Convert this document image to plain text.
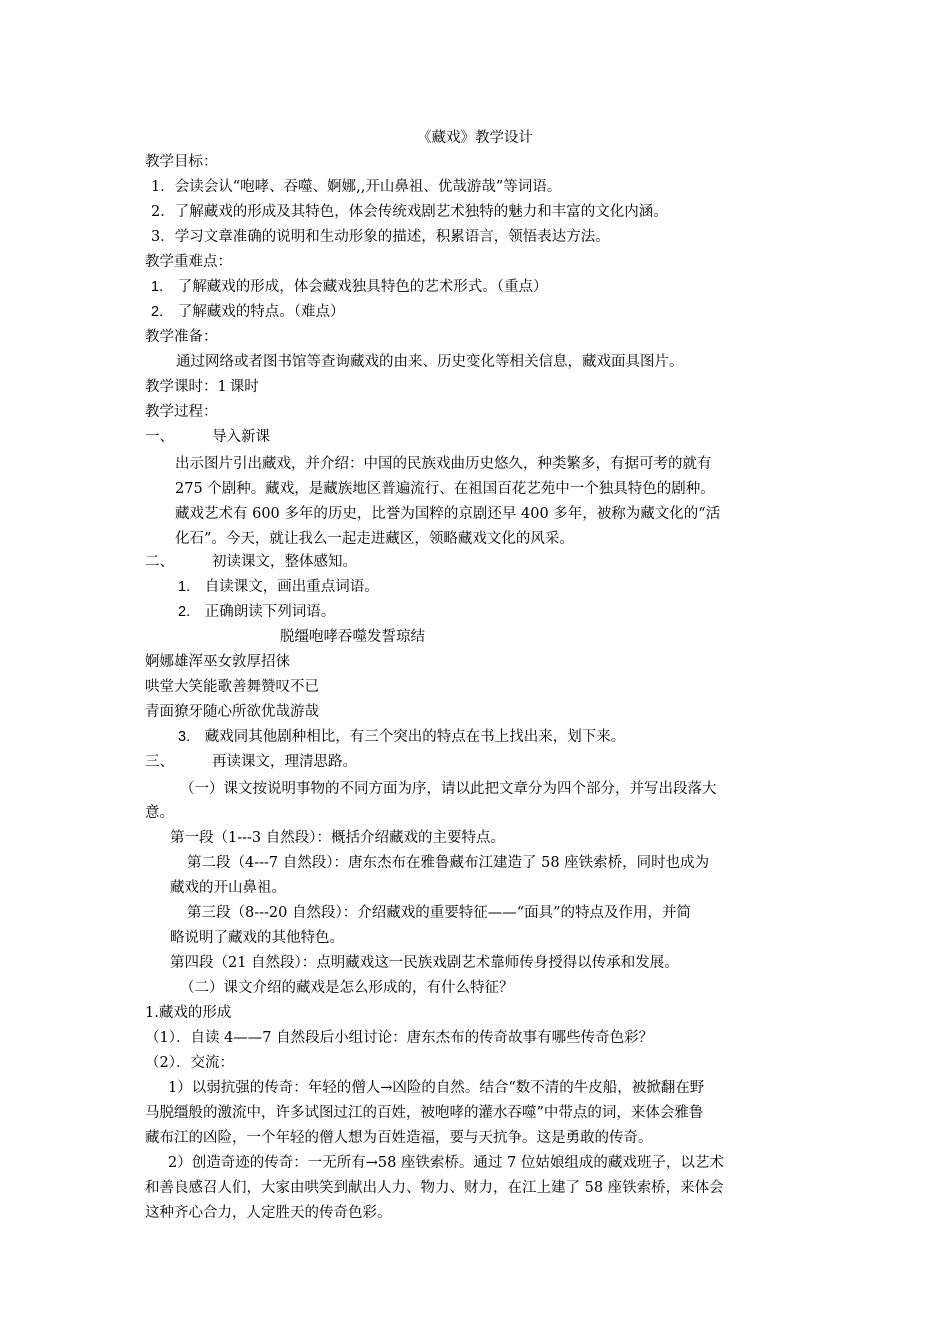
《藏戏》教学设计
教学目标：
1．会读会认“咆哮、吞噬、婀娜,,开山鼻祖、优哉游哉”等词语。
2．了解藏戏的形成及其特色，体会传统戏剧艺术独特的魅力和丰富的文化内涵。
3．学习文章准确的说明和生动形象的描述，积累语言，领悟表达方法。
教学重难点：
1. 了解藏戏的形成，体会藏戏独具特色的艺术形式。（重点）
2. 了解藏戏的特点。（难点）
教学准备：
通过网络或者图书馆等查询藏戏的由来、历史变化等相关信息，藏戏面具图片。
教学课时：1 课时
教学过程：
一、	导入新课
出示图片引出藏戏，并介绍：中国的民族戏曲历史悠久，种类繁多，有据可考的就有
275 个剧种。藏戏，是藏族地区普遍流行、在祖国百花艺苑中一个独具特色的剧种。
藏戏艺术有 600 多年的历史，比誉为国粹的京剧还早 400 多年，被称为藏文化的“活
化石”。今天，就让我么一起走进藏区，领略藏戏文化的风采。
二、	初读课文，整体感知。
1. 自读课文，画出重点词语。
2. 正确朗读下列词语。
脱缰咆哮吞噬发誓琼结
婀娜雄浑巫女敦厚招徕
哄堂大笑能歌善舞赞叹不已
青面獠牙随心所欲优哉游哉
3. 藏戏同其他剧种相比，有三个突出的特点在书上找出来，划下来。
三、	再读课文，理清思路。
（一）课文按说明事物的不同方面为序，请以此把文章分为四个部分，并写出段落大
意。
第一段（1---3 自然段）：概括介绍藏戏的主要特点。
第二段（4---7 自然段）：唐东杰布在雅鲁藏布江建造了 58 座铁索桥，同时也成为
藏戏的开山鼻祖。
第三段（8---20 自然段）：介绍藏戏的重要特征——“面具”的特点及作用，并简
略说明了藏戏的其他特色。
第四段（21 自然段）：点明藏戏这一民族戏剧艺术靠师传身授得以传承和发展。
（二）课文介绍的藏戏是怎么形成的，有什么特征？
1.藏戏的形成
（1）．自读 4——7 自然段后小组讨论：唐东杰布的传奇故事有哪些传奇色彩？
（2）．交流：
1）以弱抗强的传奇：年轻的僧人→凶险的自然。结合“数不清的牛皮船，被掀翻在野
马脱缰般的激流中，许多试图过江的百姓，被咆哮的灌水吞噬”中带点的词，来体会雅鲁
藏布江的凶险，一个年轻的僧人想为百姓造福，要与天抗争。这是勇敢的传奇。
2）创造奇迹的传奇：一无所有→58 座铁索桥。通过 7 位姑娘组成的藏戏班子，以艺术
和善良感召人们，大家由哄笑到献出人力、物力、财力，在江上建了 58 座铁索桥，来体会
这种齐心合力，人定胜天的传奇色彩。
